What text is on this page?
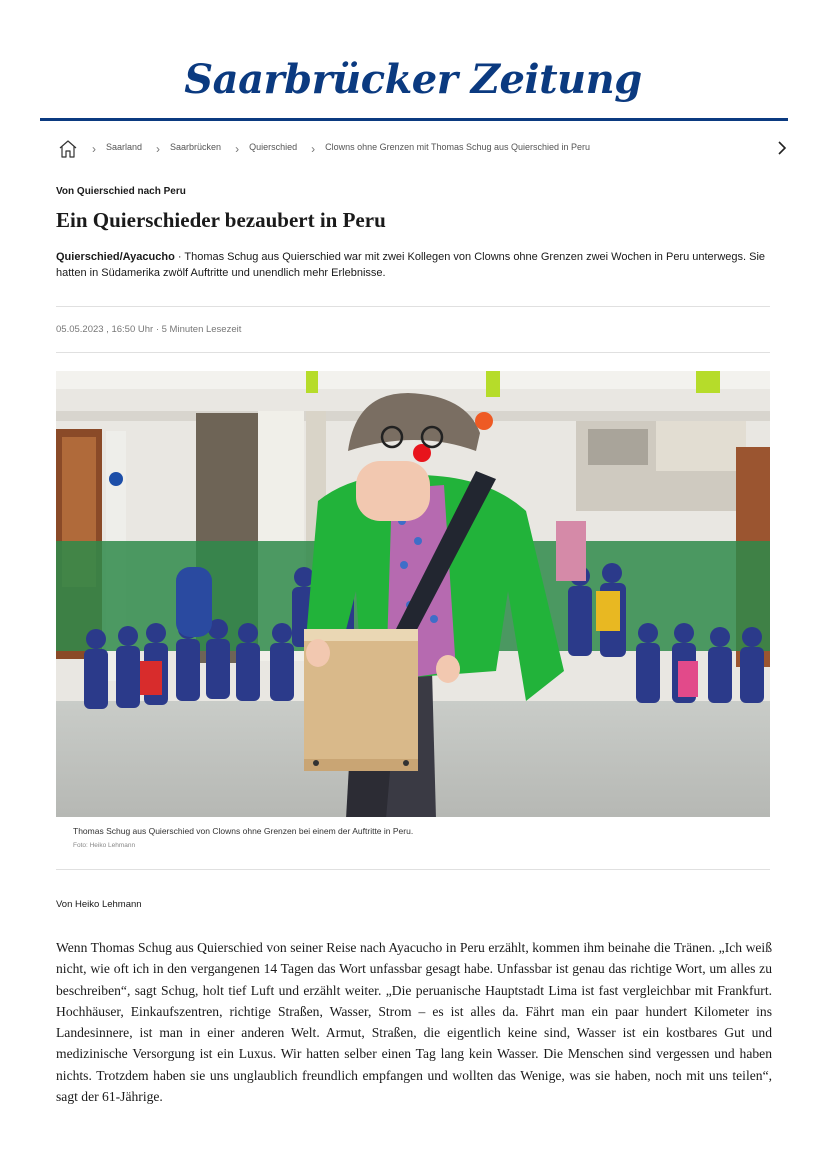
Saarbrücker Zeitung
› Saarland › Saarbrücken › Quierschied › Clowns ohne Grenzen mit Thomas Schug aus Quierschied in Peru
Von Quierschied nach Peru
Ein Quierschieder bezaubert in Peru

Quierschied/Ayacucho · Thomas Schug aus Quierschied war mit zwei Kollegen von Clowns ohne Grenzen zwei Wochen in Peru unterwegs. Sie hatten in Südamerika zwölf Auftritte und unendlich mehr Erlebnisse.

05.05.2023 , 16:50 Uhr · 5 Minuten Lesezeit
Thomas Schug aus Quierschied von Clowns ohne Grenzen bei einem der Auftritte in Peru.
Foto: Heiko Lehmann
Von Heiko Lehmann

Wenn Thomas Schug aus Quierschied von seiner Reise nach Ayacucho in Peru erzählt, kommen ihm beinahe die Tränen. „Ich weiß nicht, wie oft ich in den vergangenen 14 Tagen das Wort unfassbar gesagt habe. Unfassbar ist genau das richtige Wort, um alles zu beschreiben“, sagt Schug, holt tief Luft und erzählt weiter. „Die peruanische Hauptstadt Lima ist fast vergleichbar mit Frankfurt. Hochhäuser, Einkaufszentren, richtige Straßen, Wasser, Strom – es ist alles da. Fährt man ein paar hundert Kilometer ins Landesinnere, ist man in einer anderen Welt. Armut, Straßen, die eigentlich keine sind, Wasser ist ein kostbares Gut und medizinische Versorgung ist ein Luxus. Wir hatten selber einen Tag lang kein Wasser. Die Menschen sind vergessen und haben nichts. Trotzdem haben sie uns unglaublich freundlich empfangen und wollten das Wenige, was sie haben, noch mit uns teilen“, sagt der 61-Jährige.
